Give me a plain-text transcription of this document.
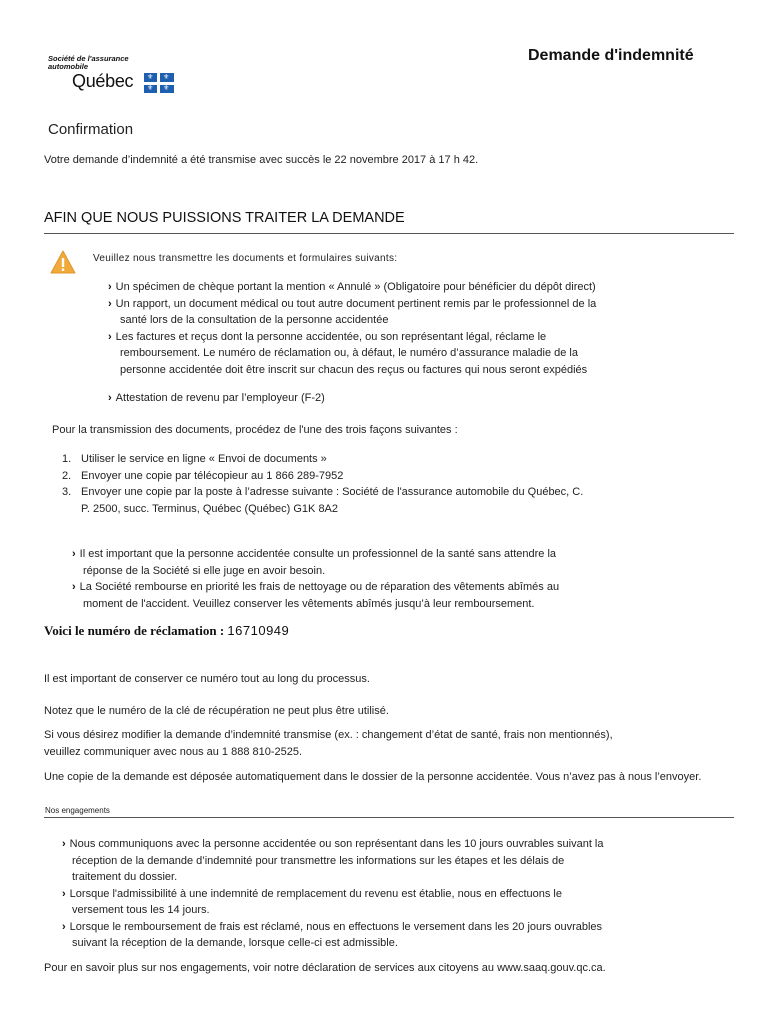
Société de l'assurance
automobile
Québec ⚜ ⚜
⚜ ⚜
Demande d'indemnité
Confirmation
Votre demande d’indemnité a été transmise avec succès le 22 novembre 2017 à 17 h 42.
AFIN QUE NOUS PUISSIONS TRAITER LA DEMANDE
Veuillez nous transmettre les documents et formulaires suivants:
› Un spécimen de chèque portant la mention « Annulé » (Obligatoire pour bénéficier du dépôt direct)
› Un rapport, un document médical ou tout autre document pertinent remis par le professionnel de la
santé lors de la consultation de la personne accidentée
› Les factures et reçus dont la personne accidentée, ou son représentant légal, réclame le
remboursement. Le numéro de réclamation ou, à défaut, le numéro d’assurance maladie de la
personne accidentée doit être inscrit sur chacun des reçus ou factures qui nous seront expédiés
› Attestation de revenu par l’employeur (F-2)
Pour la transmission des documents, procédez de l'une des trois façons suivantes :
1. Utiliser le service en ligne « Envoi de documents »
2. Envoyer une copie par télécopieur au 1 866 289-7952
3. Envoyer une copie par la poste à l’adresse suivante : Société de l'assurance automobile du Québec, C.
P. 2500, succ. Terminus, Québec (Québec) G1K 8A2
› Il est important que la personne accidentée consulte un professionnel de la santé sans attendre la
réponse de la Société si elle juge en avoir besoin.
› La Société rembourse en priorité les frais de nettoyage ou de réparation des vêtements abîmés au
moment de l'accident. Veuillez conserver les vêtements abîmés jusqu’à leur remboursement.
Voici le numéro de réclamation : 16710949
Il est important de conserver ce numéro tout au long du processus.
Notez que le numéro de la clé de récupération ne peut plus être utilisé.
Si vous désirez modifier la demande d’indemnité transmise (ex. : changement d’état de santé, frais non mentionnés),
veuillez communiquer avec nous au 1 888 810-2525.
Une copie de la demande est déposée automatiquement dans le dossier de la personne accidentée. Vous n’avez pas à nous l’envoyer.
Nos engagements
› Nous communiquons avec la personne accidentée ou son représentant dans les 10 jours ouvrables suivant la
réception de la demande d’indemnité pour transmettre les informations sur les étapes et les délais de
traitement du dossier.
› Lorsque l'admissibilité à une indemnité de remplacement du revenu est établie, nous en effectuons le
versement tous les 14 jours.
› Lorsque le remboursement de frais est réclamé, nous en effectuons le versement dans les 20 jours ouvrables
suivant la réception de la demande, lorsque celle-ci est admissible.
Pour en savoir plus sur nos engagements, voir notre déclaration de services aux citoyens au www.saaq.gouv.qc.ca.
